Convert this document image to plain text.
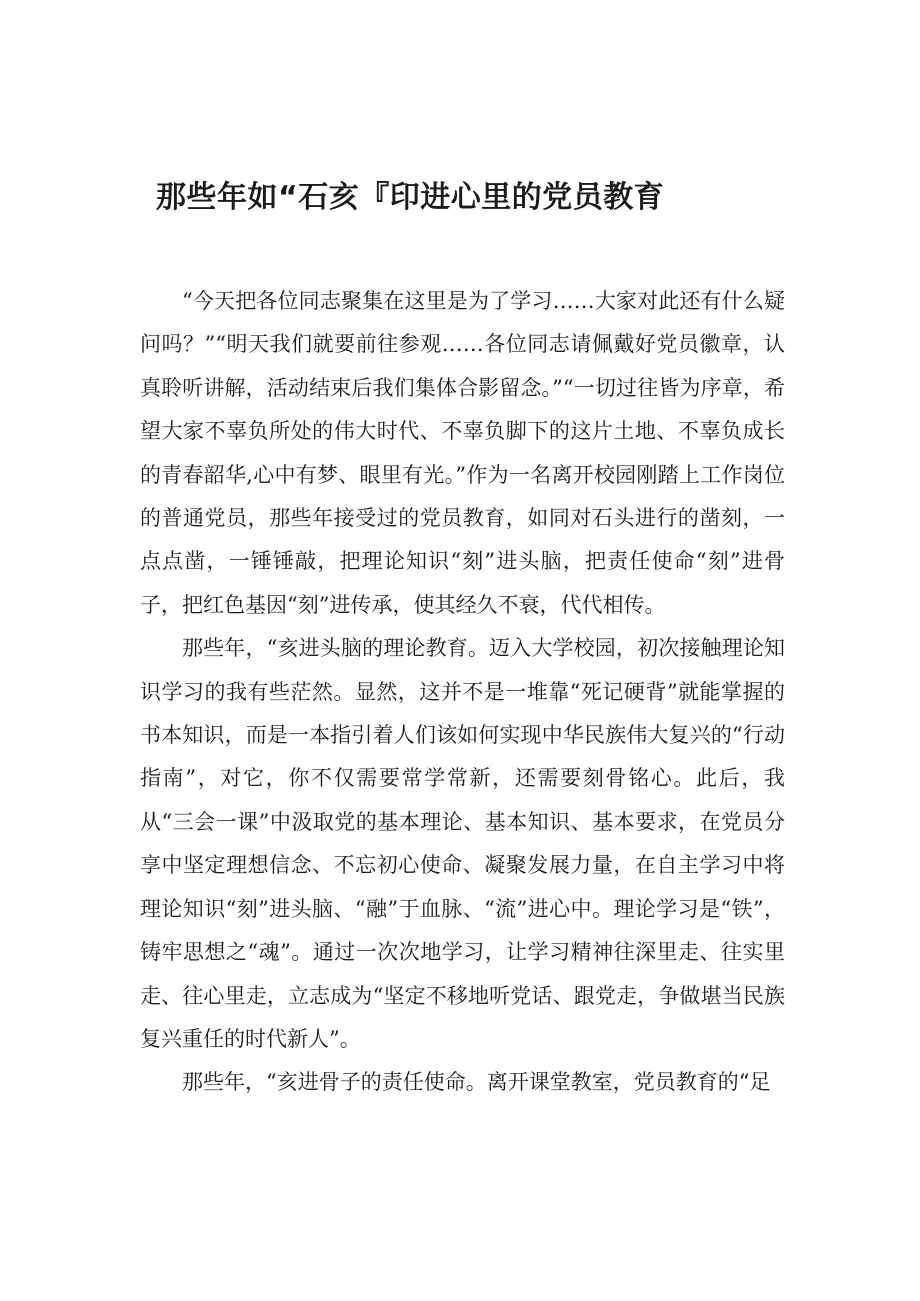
那些年如“石亥『印进心里的党员教育

“今天把各位同志聚集在这里是为了学习……大家对此还有什么疑问吗？”“明天我们就要前往参观……各位同志请佩戴好党员徽章，认真聆听讲解，活动结束后我们集体合影留念。”“一切过往皆为序章，希望大家不辜负所处的伟大时代、不辜负脚下的这片土地、不辜负成长的青春韶华,心中有梦、眼里有光。”作为一名离开校园刚踏上工作岗位的普通党员，那些年接受过的党员教育，如同对石头进行的凿刻，一点点凿，一锤锤敲，把理论知识“刻”进头脑，把责任使命“刻”进骨子，把红色基因“刻”进传承，使其经久不衰，代代相传。

那些年，“亥进头脑的理论教育。迈入大学校园，初次接触理论知识学习的我有些茫然。显然，这并不是一堆靠“死记硬背”就能掌握的书本知识，而是一本指引着人们该如何实现中华民族伟大复兴的“行动指南”，对它，你不仅需要常学常新，还需要刻骨铭心。此后，我从“三会一课”中汲取党的基本理论、基本知识、基本要求，在党员分享中坚定理想信念、不忘初心使命、凝聚发展力量，在自主学习中将理论知识“刻”进头脑、“融”于血脉、“流”进心中。理论学习是“铁”，铸牢思想之“魂”。通过一次次地学习，让学习精神往深里走、往实里走、往心里走，立志成为“坚定不移地听党话、跟党走，争做堪当民族复兴重任的时代新人”。

那些年，“亥进骨子的责任使命。离开课堂教室，党员教育的“足
